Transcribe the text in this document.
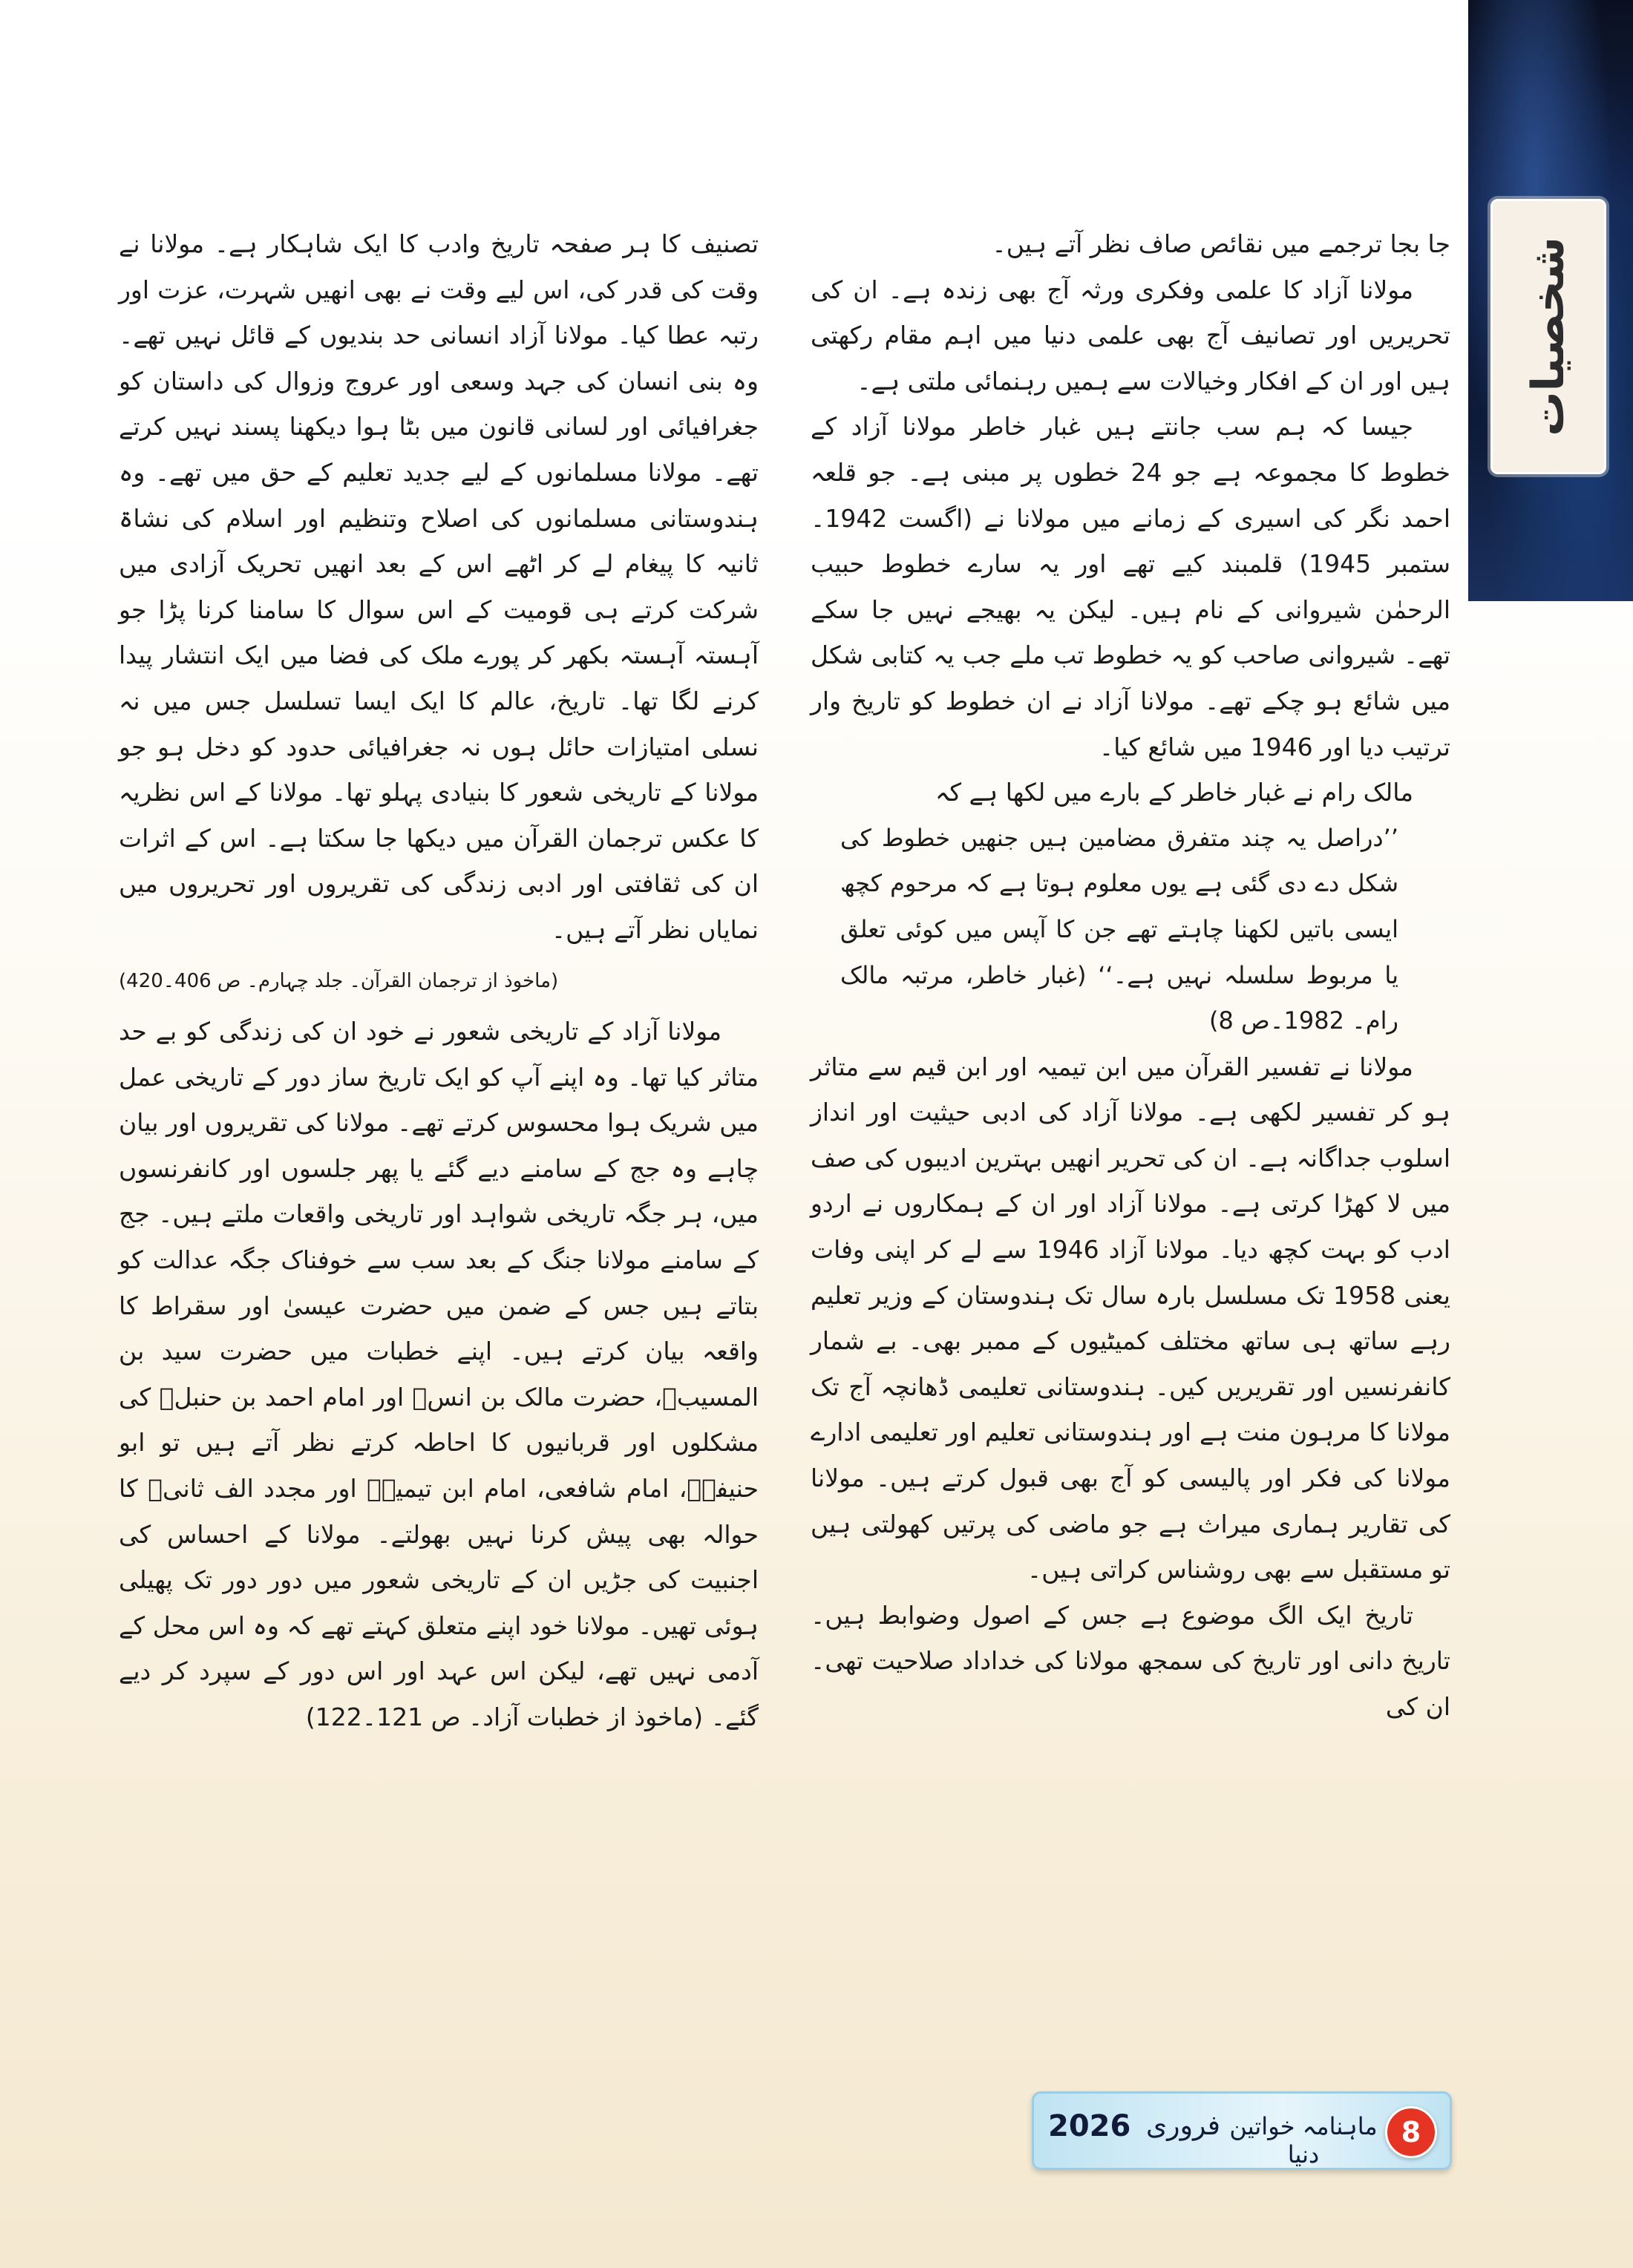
شخصیات

جا بجا ترجمے میں نقائص صاف نظر آتے ہیں۔

مولانا آزاد کا علمی وفکری ورثہ آج بھی زندہ ہے۔ ان کی تحریریں اور تصانیف آج بھی علمی دنیا میں اہم مقام رکھتی ہیں اور ان کے افکار وخیالات سے ہمیں رہنمائی ملتی ہے۔

جیسا کہ ہم سب جانتے ہیں غبار خاطر مولانا آزاد کے خطوط کا مجموعہ ہے جو 24 خطوں پر مبنی ہے۔ جو قلعہ احمد نگر کی اسیری کے زمانے میں مولانا نے (اگست 1942۔ستمبر 1945) قلمبند کیے تھے اور یہ سارے خطوط حبیب الرحمٰن شیروانی کے نام ہیں۔ لیکن یہ بھیجے نہیں جا سکے تھے۔ شیروانی صاحب کو یہ خطوط تب ملے جب یہ کتابی شکل میں شائع ہو چکے تھے۔ مولانا آزاد نے ان خطوط کو تاریخ وار ترتیب دیا اور 1946 میں شائع کیا۔

مالک رام نے غبار خاطر کے بارے میں لکھا ہے کہ

’’دراصل یہ چند متفرق مضامین ہیں جنھیں خطوط کی شکل دے دی گئی ہے یوں معلوم ہوتا ہے کہ مرحوم کچھ ایسی باتیں لکھنا چاہتے تھے جن کا آپس میں کوئی تعلق یا مربوط سلسلہ نہیں ہے۔‘‘ (غبار خاطر، مرتبہ مالک رام۔ 1982۔ص 8)

مولانا نے تفسیر القرآن میں ابن تیمیہ اور ابن قیم سے متاثر ہو کر تفسیر لکھی ہے۔ مولانا آزاد کی ادبی حیثیت اور انداز اسلوب جداگانہ ہے۔ ان کی تحریر انھیں بہترین ادیبوں کی صف میں لا کھڑا کرتی ہے۔ مولانا آزاد اور ان کے ہمکاروں نے اردو ادب کو بہت کچھ دیا۔ مولانا آزاد 1946 سے لے کر اپنی وفات یعنی 1958 تک مسلسل بارہ سال تک ہندوستان کے وزیر تعلیم رہے ساتھ ہی ساتھ مختلف کمیٹیوں کے ممبر بھی۔ بے شمار کانفرنسیں اور تقریریں کیں۔ ہندوستانی تعلیمی ڈھانچہ آج تک مولانا کا مرہون منت ہے اور ہندوستانی تعلیم اور تعلیمی ادارے مولانا کی فکر اور پالیسی کو آج بھی قبول کرتے ہیں۔ مولانا کی تقاریر ہماری میراث ہے جو ماضی کی پرتیں کھولتی ہیں تو مستقبل سے بھی روشناس کراتی ہیں۔

تاریخ ایک الگ موضوع ہے جس کے اصول وضوابط ہیں۔ تاریخ دانی اور تاریخ کی سمجھ مولانا کی خداداد صلاحیت تھی۔ ان کی

تصنیف کا ہر صفحہ تاریخ وادب کا ایک شاہکار ہے۔ مولانا نے وقت کی قدر کی، اس لیے وقت نے بھی انھیں شہرت، عزت اور رتبہ عطا کیا۔ مولانا آزاد انسانی حد بندیوں کے قائل نہیں تھے۔ وہ بنی انسان کی جہد وسعی اور عروج وزوال کی داستان کو جغرافیائی اور لسانی قانون میں بٹا ہوا دیکھنا پسند نہیں کرتے تھے۔ مولانا مسلمانوں کے لیے جدید تعلیم کے حق میں تھے۔ وہ ہندوستانی مسلمانوں کی اصلاح وتنظیم اور اسلام کی نشاۃ ثانیہ کا پیغام لے کر اٹھے اس کے بعد انھیں تحریک آزادی میں شرکت کرتے ہی قومیت کے اس سوال کا سامنا کرنا پڑا جو آہستہ آہستہ بکھر کر پورے ملک کی فضا میں ایک انتشار پیدا کرنے لگا تھا۔ تاریخ، عالم کا ایک ایسا تسلسل جس میں نہ نسلی امتیازات حائل ہوں نہ جغرافیائی حدود کو دخل ہو جو مولانا کے تاریخی شعور کا بنیادی پہلو تھا۔ مولانا کے اس نظریہ کا عکس ترجمان القرآن میں دیکھا جا سکتا ہے۔ اس کے اثرات ان کی ثقافتی اور ادبی زندگی کی تقریروں اور تحریروں میں نمایاں نظر آتے ہیں۔

(ماخوذ از ترجمان القرآن۔ جلد چہارم۔ ص 406۔420)

مولانا آزاد کے تاریخی شعور نے خود ان کی زندگی کو بے حد متاثر کیا تھا۔ وہ اپنے آپ کو ایک تاریخ ساز دور کے تاریخی عمل میں شریک ہوا محسوس کرتے تھے۔ مولانا کی تقریروں اور بیان چاہے وہ جج کے سامنے دیے گئے یا پھر جلسوں اور کانفرنسوں میں، ہر جگہ تاریخی شواہد اور تاریخی واقعات ملتے ہیں۔ جج کے سامنے مولانا جنگ کے بعد سب سے خوفناک جگہ عدالت کو بتاتے ہیں جس کے ضمن میں حضرت عیسیٰ اور سقراط کا واقعہ بیان کرتے ہیں۔ اپنے خطبات میں حضرت سید بن المسیبؒ، حضرت مالک بن انسؒ اور امام احمد بن حنبلؒ کی مشکلوں اور قربانیوں کا احاطہ کرتے نظر آتے ہیں تو ابو حنیفہؒ، امام شافعی، امام ابن تیمیہؒ اور مجدد الف ثانیؒ کا حوالہ بھی پیش کرنا نہیں بھولتے۔ مولانا کے احساس کی اجنبیت کی جڑیں ان کے تاریخی شعور میں دور دور تک پھیلی ہوئی تھیں۔ مولانا خود اپنے متعلق کہتے تھے کہ وہ اس محل کے آدمی نہیں تھے، لیکن اس عہد اور اس دور کے سپرد کر دیے گئے۔ (ماخوذ از خطبات آزاد۔ ص 121۔122)

2026 فروری ماہنامہ خواتین دنیا
8
